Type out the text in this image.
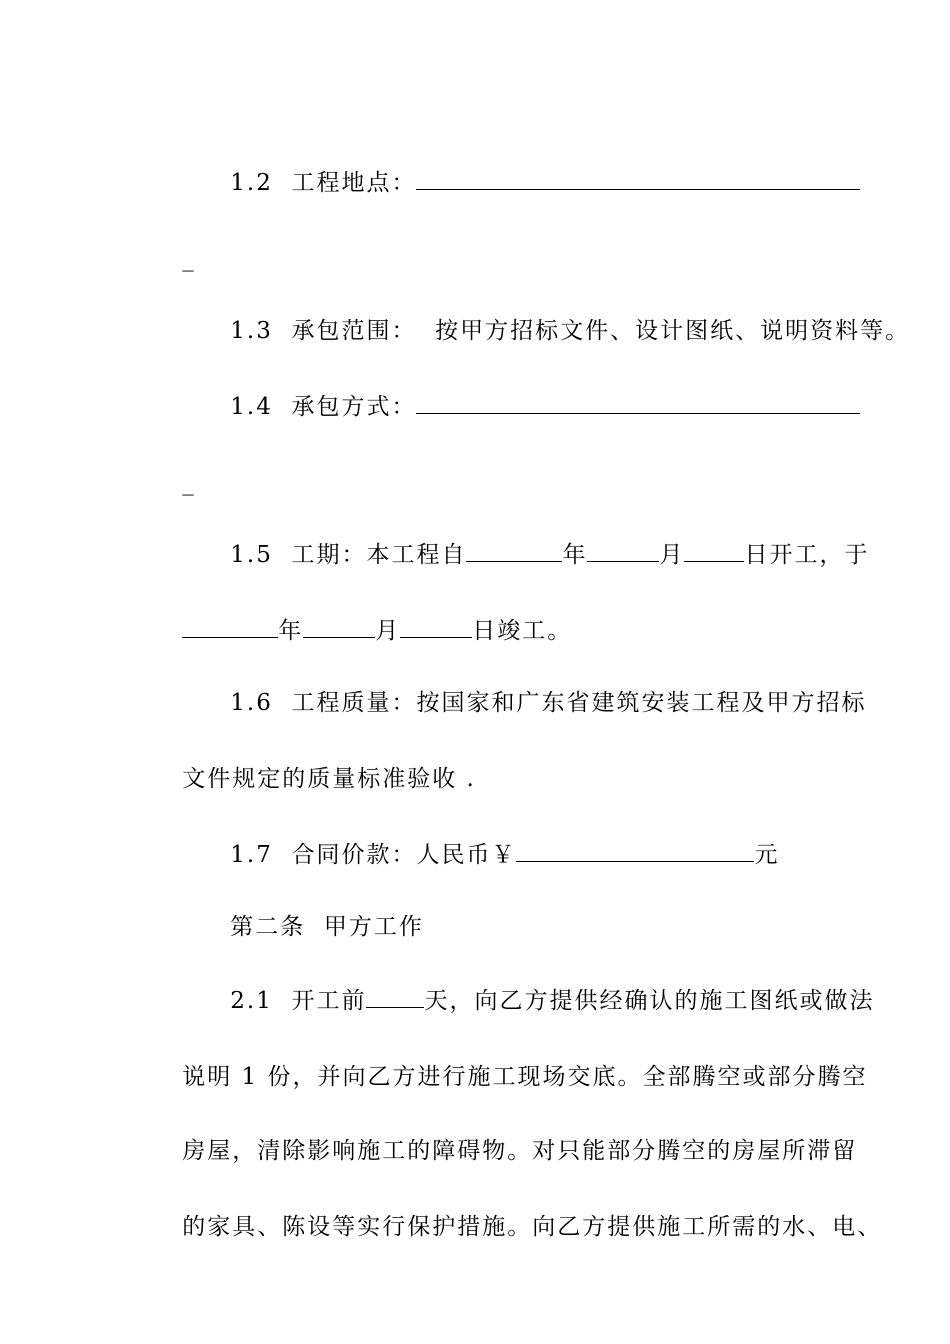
1.2  工程地点：

_

1.3  承包范围：  按甲方招标文件、设计图纸、说明资料等。

1.4  承包方式：

_

1.5  工期：本工程自	年	月	日开工，于

年	月	日竣工。

1.6  工程质量：按国家和广东省建筑安装工程及甲方招标

文件规定的质量标准验收 .

1.7  合同价款：人民币￥	元

第二条  甲方工作

2.1  开工前	天，向乙方提供经确认的施工图纸或做法

说明 1 份，并向乙方进行施工现场交底。全部腾空或部分腾空

房屋，清除影响施工的障碍物。对只能部分腾空的房屋所滞留

的家具、陈设等实行保护措施。向乙方提供施工所需的水、电、
